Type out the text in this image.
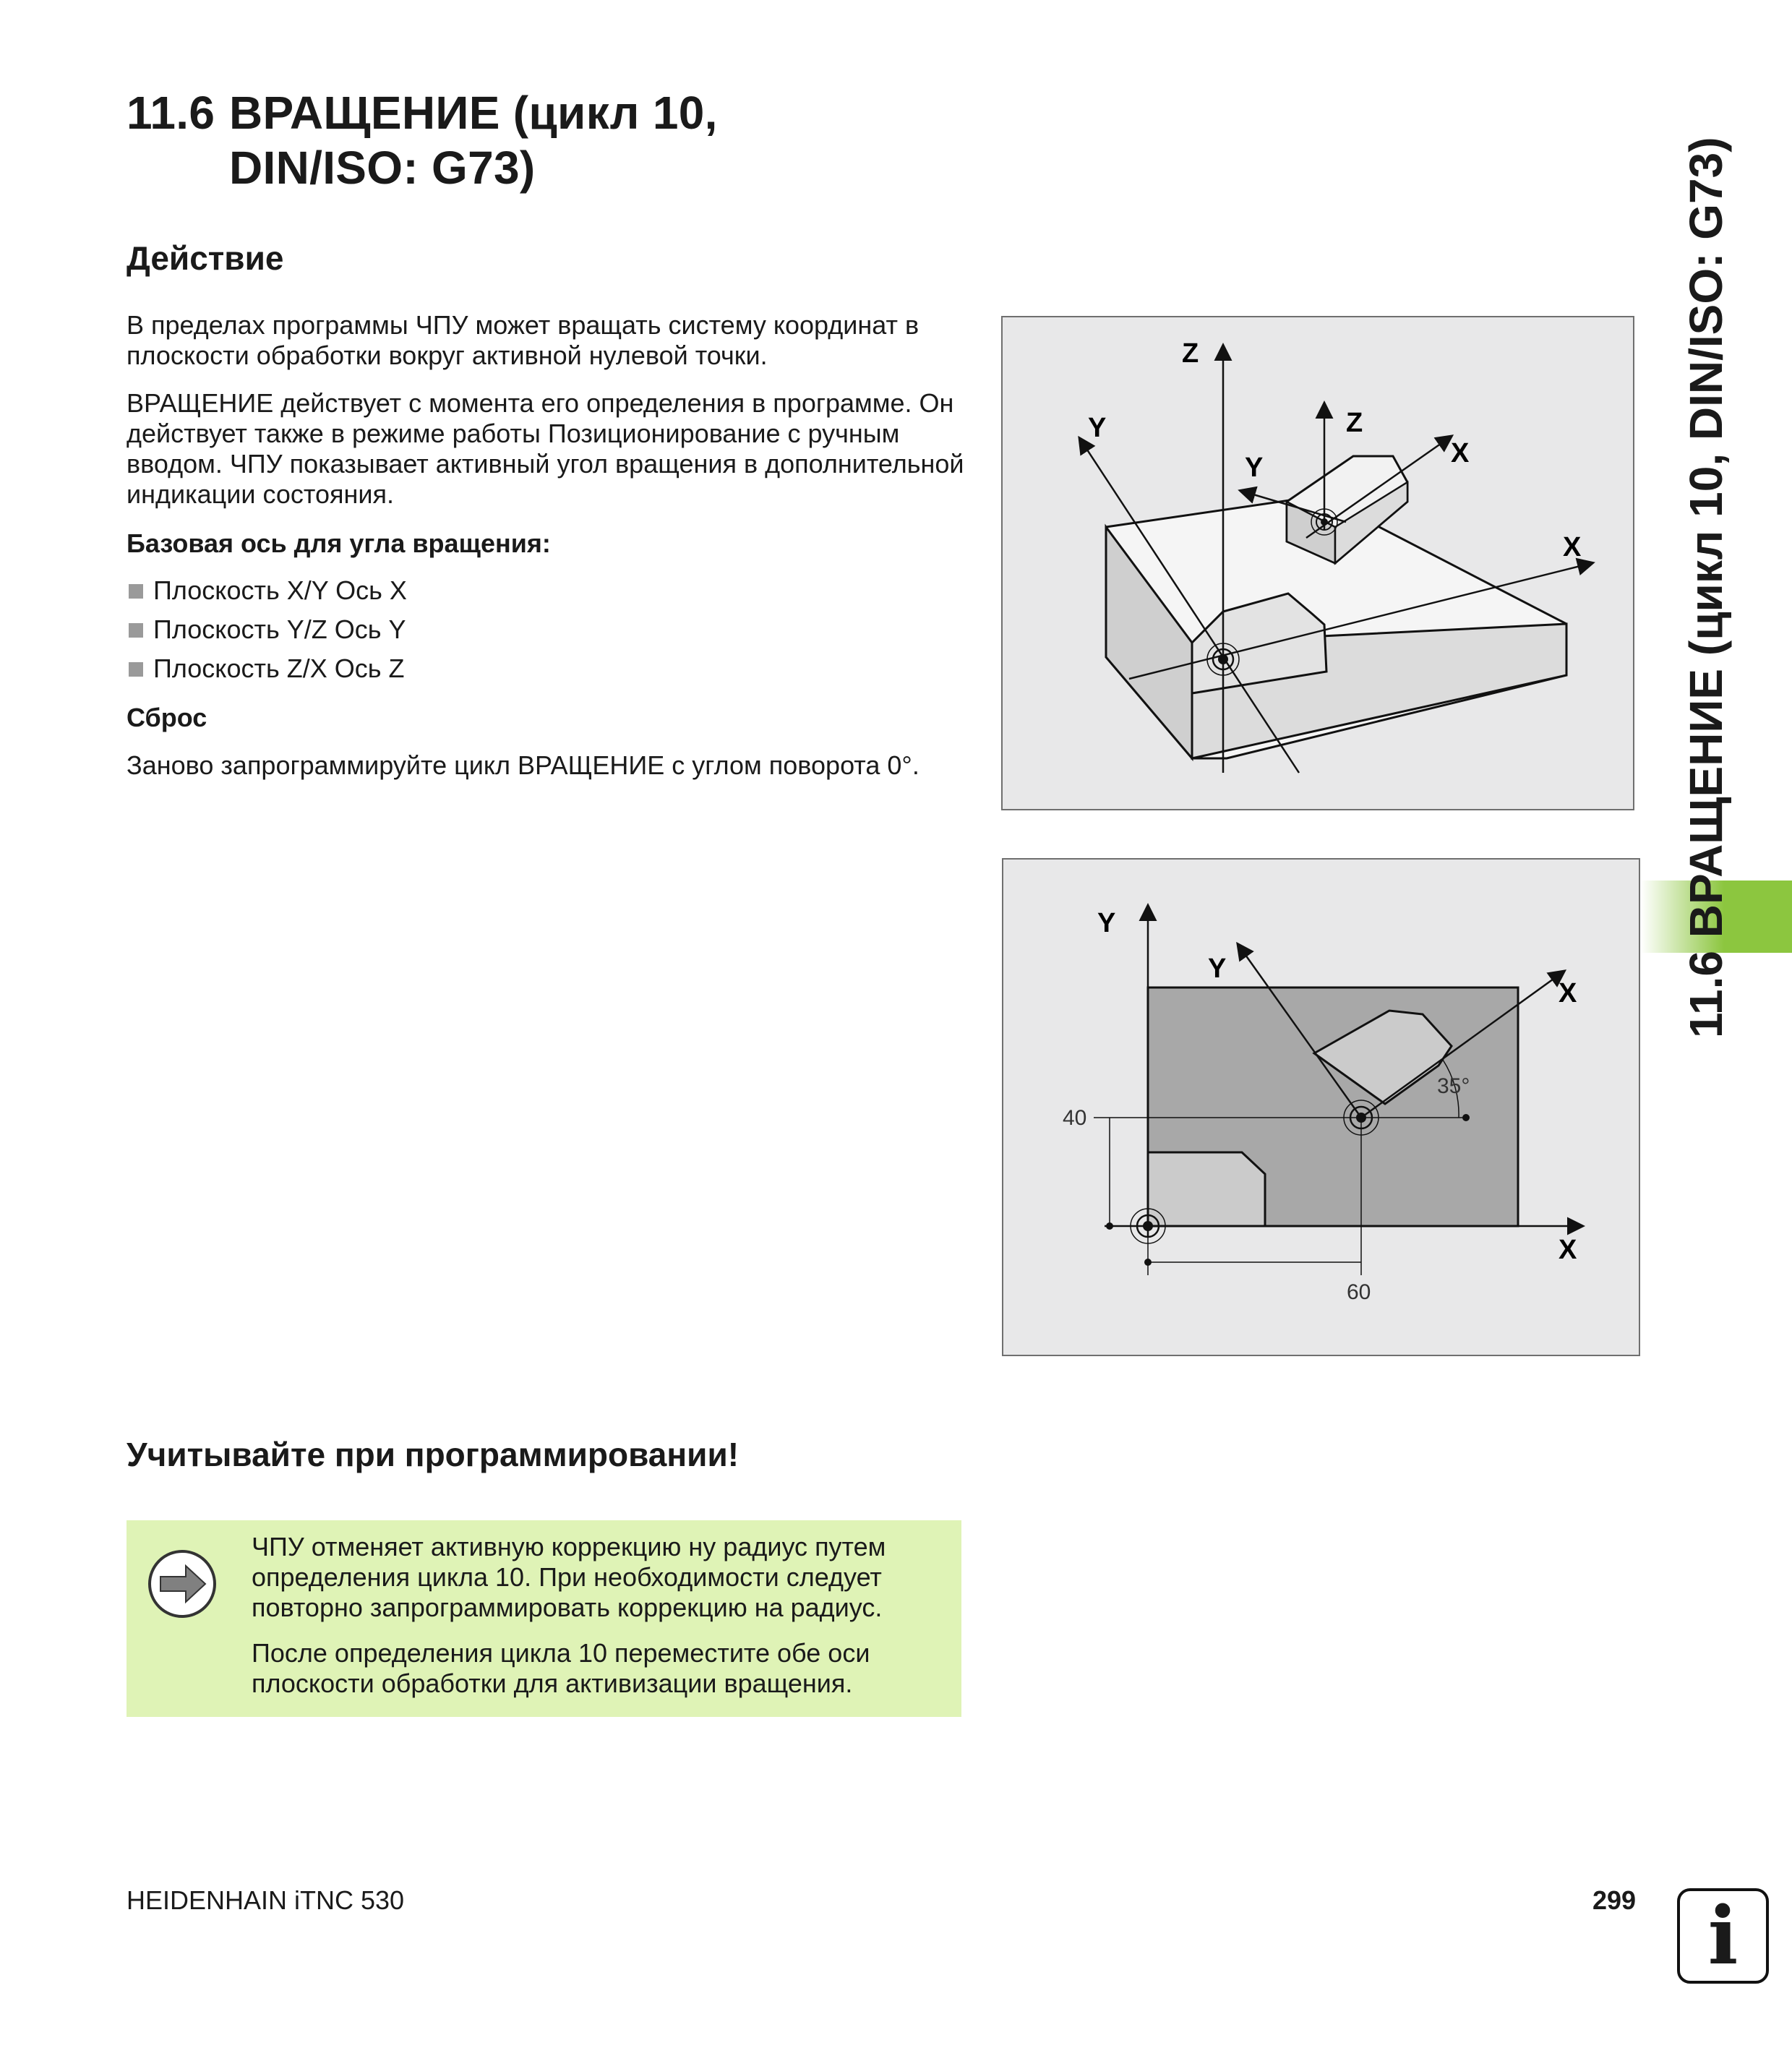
11.6 ВРАЩЕНИЕ (цикл 10,
DIN/ISO: G73)
Действие

В пределах программы ЧПУ может вращать систему координат в плоскости обработки вокруг активной нулевой точки.

ВРАЩЕНИЕ действует с момента его определения в программе. Он действует также в режиме работы Позиционирование с ручным вводом. ЧПУ показывает активный угол вращения в дополнительной индикации состояния.

Базовая ось для угла вращения:

Плоскость X/Y Ось X
Плоскость Y/Z Ось Y
Плоскость Z/X Ось Z

Сброс

Заново запрограммируйте цикл ВРАЩЕНИЕ с углом поворота 0°.

Z
Y
X
Z
Y	X
Y
X
Y
X
35°
40
60
Учитывайте при программировании!

ЧПУ отменяет активную коррекцию ну радиус путем определения цикла 10. При необходимости следует повторно запрограммировать коррекцию на радиус.

После определения цикла 10 переместите обе оси плоскости обработки для активизации вращения.

11.6 ВРАЩЕНИЕ (цикл 10, DIN/ISO: G73)
HEIDENHAIN iTNC 530	299 i
